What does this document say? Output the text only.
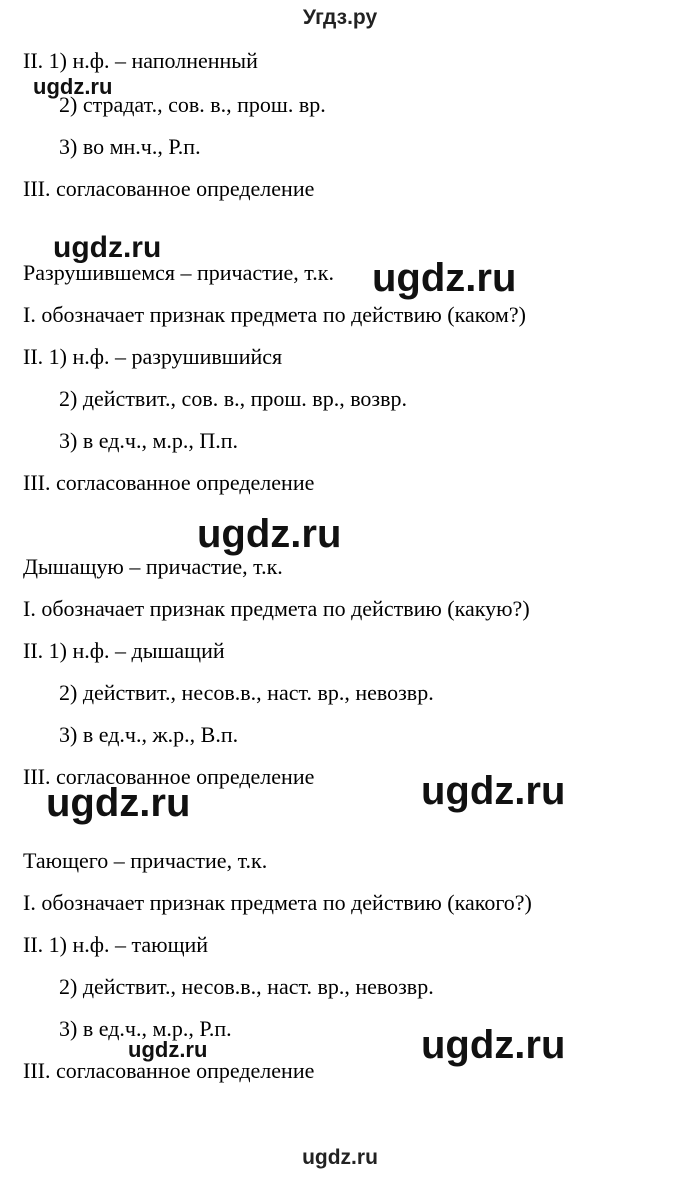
Угдз.ру
II. 1) н.ф. – наполненный
2) страдат., сов. в., прош. вр.
3) во мн.ч., Р.п.
III. согласованное определение
Разрушившемся – причастие, т.к.
I. обозначает признак предмета по действию (каком?)
II. 1) н.ф. – разрушившийся
2) действит., сов. в., прош. вр., возвр.
3) в ед.ч., м.р., П.п.
III. согласованное определение
Дышащую – причастие, т.к.
I. обозначает признак предмета по действию (какую?)
II. 1) н.ф. – дышащий
2) действит., несов.в., наст. вр., невозвр.
3) в ед.ч., ж.р., В.п.
III. согласованное определение
Тающего – причастие, т.к.
I. обозначает признак предмета по действию (какого?)
II. 1) н.ф. – тающий
2) действит., несов.в., наст. вр., невозвр.
3) в ед.ч., м.р., Р.п.
III. согласованное определение
ugdz.ru
ugdz.ru
ugdz.ru
ugdz.ru
ugdz.ru	ugdz.ru
ugdz.ru	ugdz.ru
ugdz.ru
